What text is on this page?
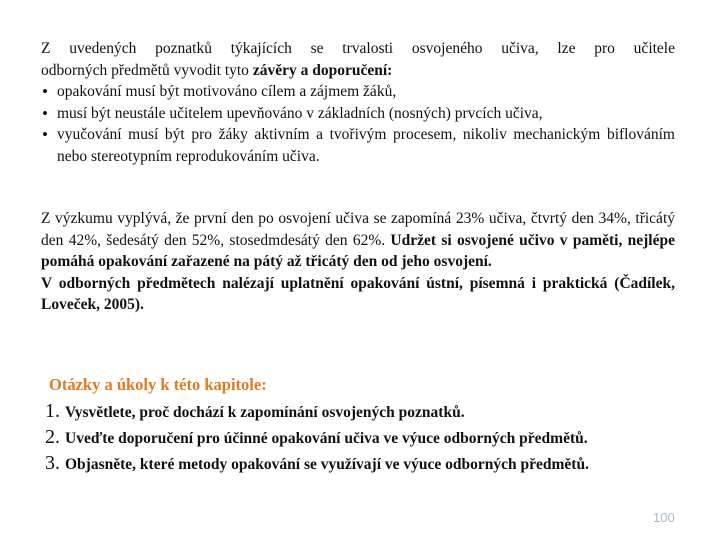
Z uvedených poznatků týkajících se trvalosti osvojeného učiva, lze pro učitele
odborných předmětů vyvodit tyto závěry a doporučení:
• opakování musí být motivováno cílem a zájmem žáků,
• musí být neustále učitelem upevňováno v základních (nosných) prvcích učiva,
• vyučování musí být pro žáky aktivním a tvořivým procesem, nikoliv mechanickým biflováním nebo stereotypním reprodukováním učiva.

Z výzkumu vyplývá, že první den po osvojení učiva se zapomíná 23% učiva, čtvrtý den 34%, třicátý den 42%, šedesátý den 52%, stosedmdesátý den 62%. Udržet si osvojené učivo v paměti, nejlépe pomáhá opakování zařazené na pátý až třicátý den od jeho osvojení.

V odborných předmětech nalézají uplatnění opakování ústní, písemná i praktická (Čadílek, Loveček, 2005).

Otázky a úkoly k této kapitole:
1. Vysvětlete, proč dochází k zapomínání osvojených poznatků.
2. Uveďte doporučení pro účinné opakování učiva ve výuce odborných předmětů.
3. Objasněte, které metody opakování se využívají ve výuce odborných předmětů.
100
